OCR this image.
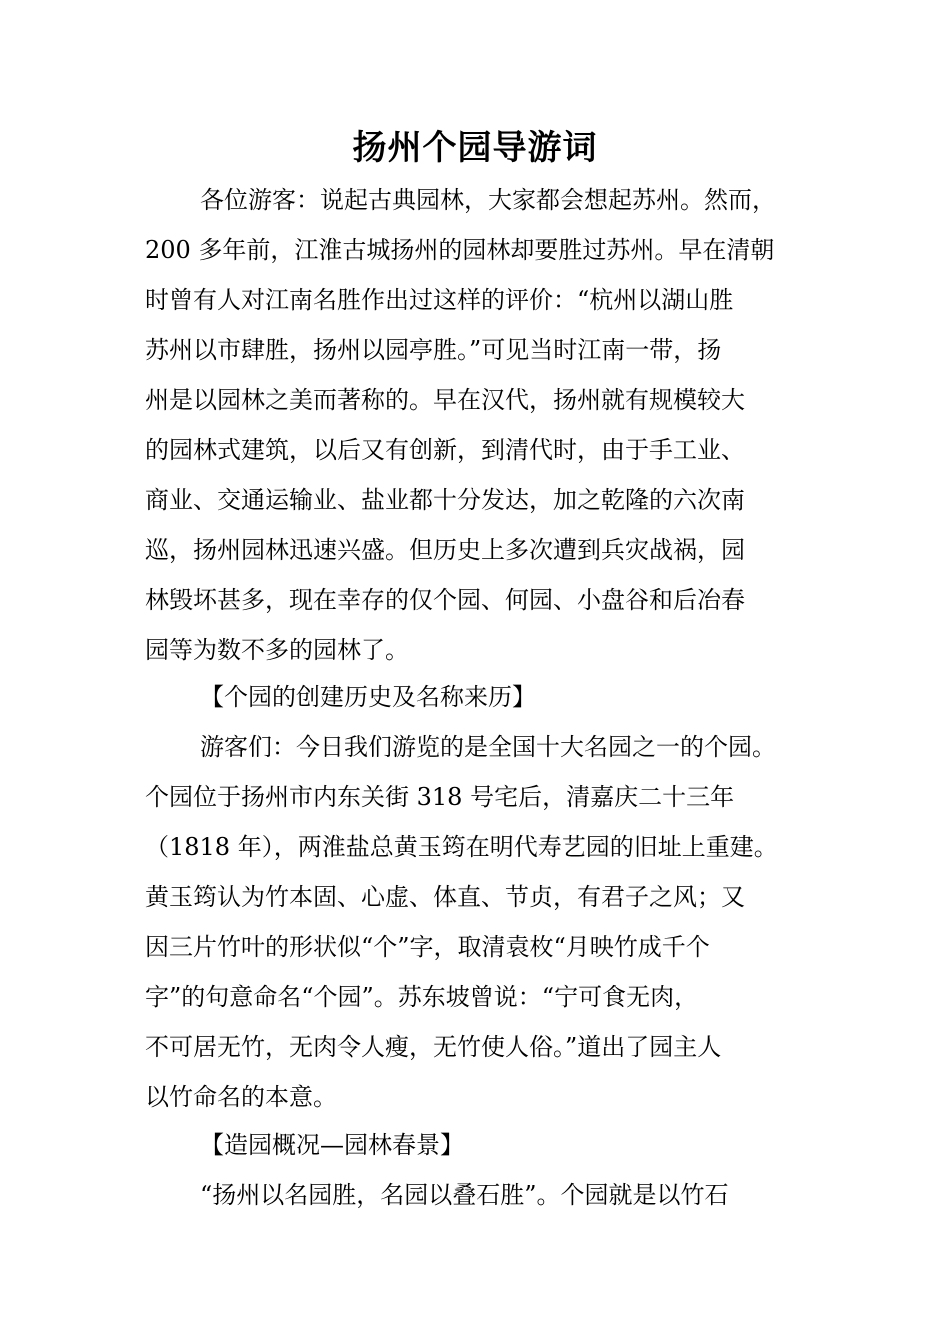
扬州个园导游词
各位游客：说起古典园林，大家都会想起苏州。然而，
200 多年前，江淮古城扬州的园林却要胜过苏州。早在清朝
时曾有人对江南名胜作出过这样的评价：“杭州以湖山胜
苏州以市肆胜，扬州以园亭胜。”可见当时江南一带，扬
州是以园林之美而著称的。早在汉代，扬州就有规模较大
的园林式建筑，以后又有创新，到清代时，由于手工业、
商业、交通运输业、盐业都十分发达，加之乾隆的六次南
巡，扬州园林迅速兴盛。但历史上多次遭到兵灾战祸，园
林毁坏甚多，现在幸存的仅个园、何园、小盘谷和后冶春
园等为数不多的园林了。
【个园的创建历史及名称来历】
游客们：今日我们游览的是全国十大名园之一的个园。
个园位于扬州市内东关街 318 号宅后，清嘉庆二十三年
（1818 年），两淮盐总黄玉筠在明代寿艺园的旧址上重建。
黄玉筠认为竹本固、心虚、体直、节贞，有君子之风；又
因三片竹叶的形状似“个”字，取清袁枚“月映竹成千个
字”的句意命名“个园”。苏东坡曾说：“宁可食无肉，
不可居无竹，无肉令人瘦，无竹使人俗。”道出了园主人
以竹命名的本意。
【造园概况—园林春景】
“扬州以名园胜，名园以叠石胜”。个园就是以竹石
